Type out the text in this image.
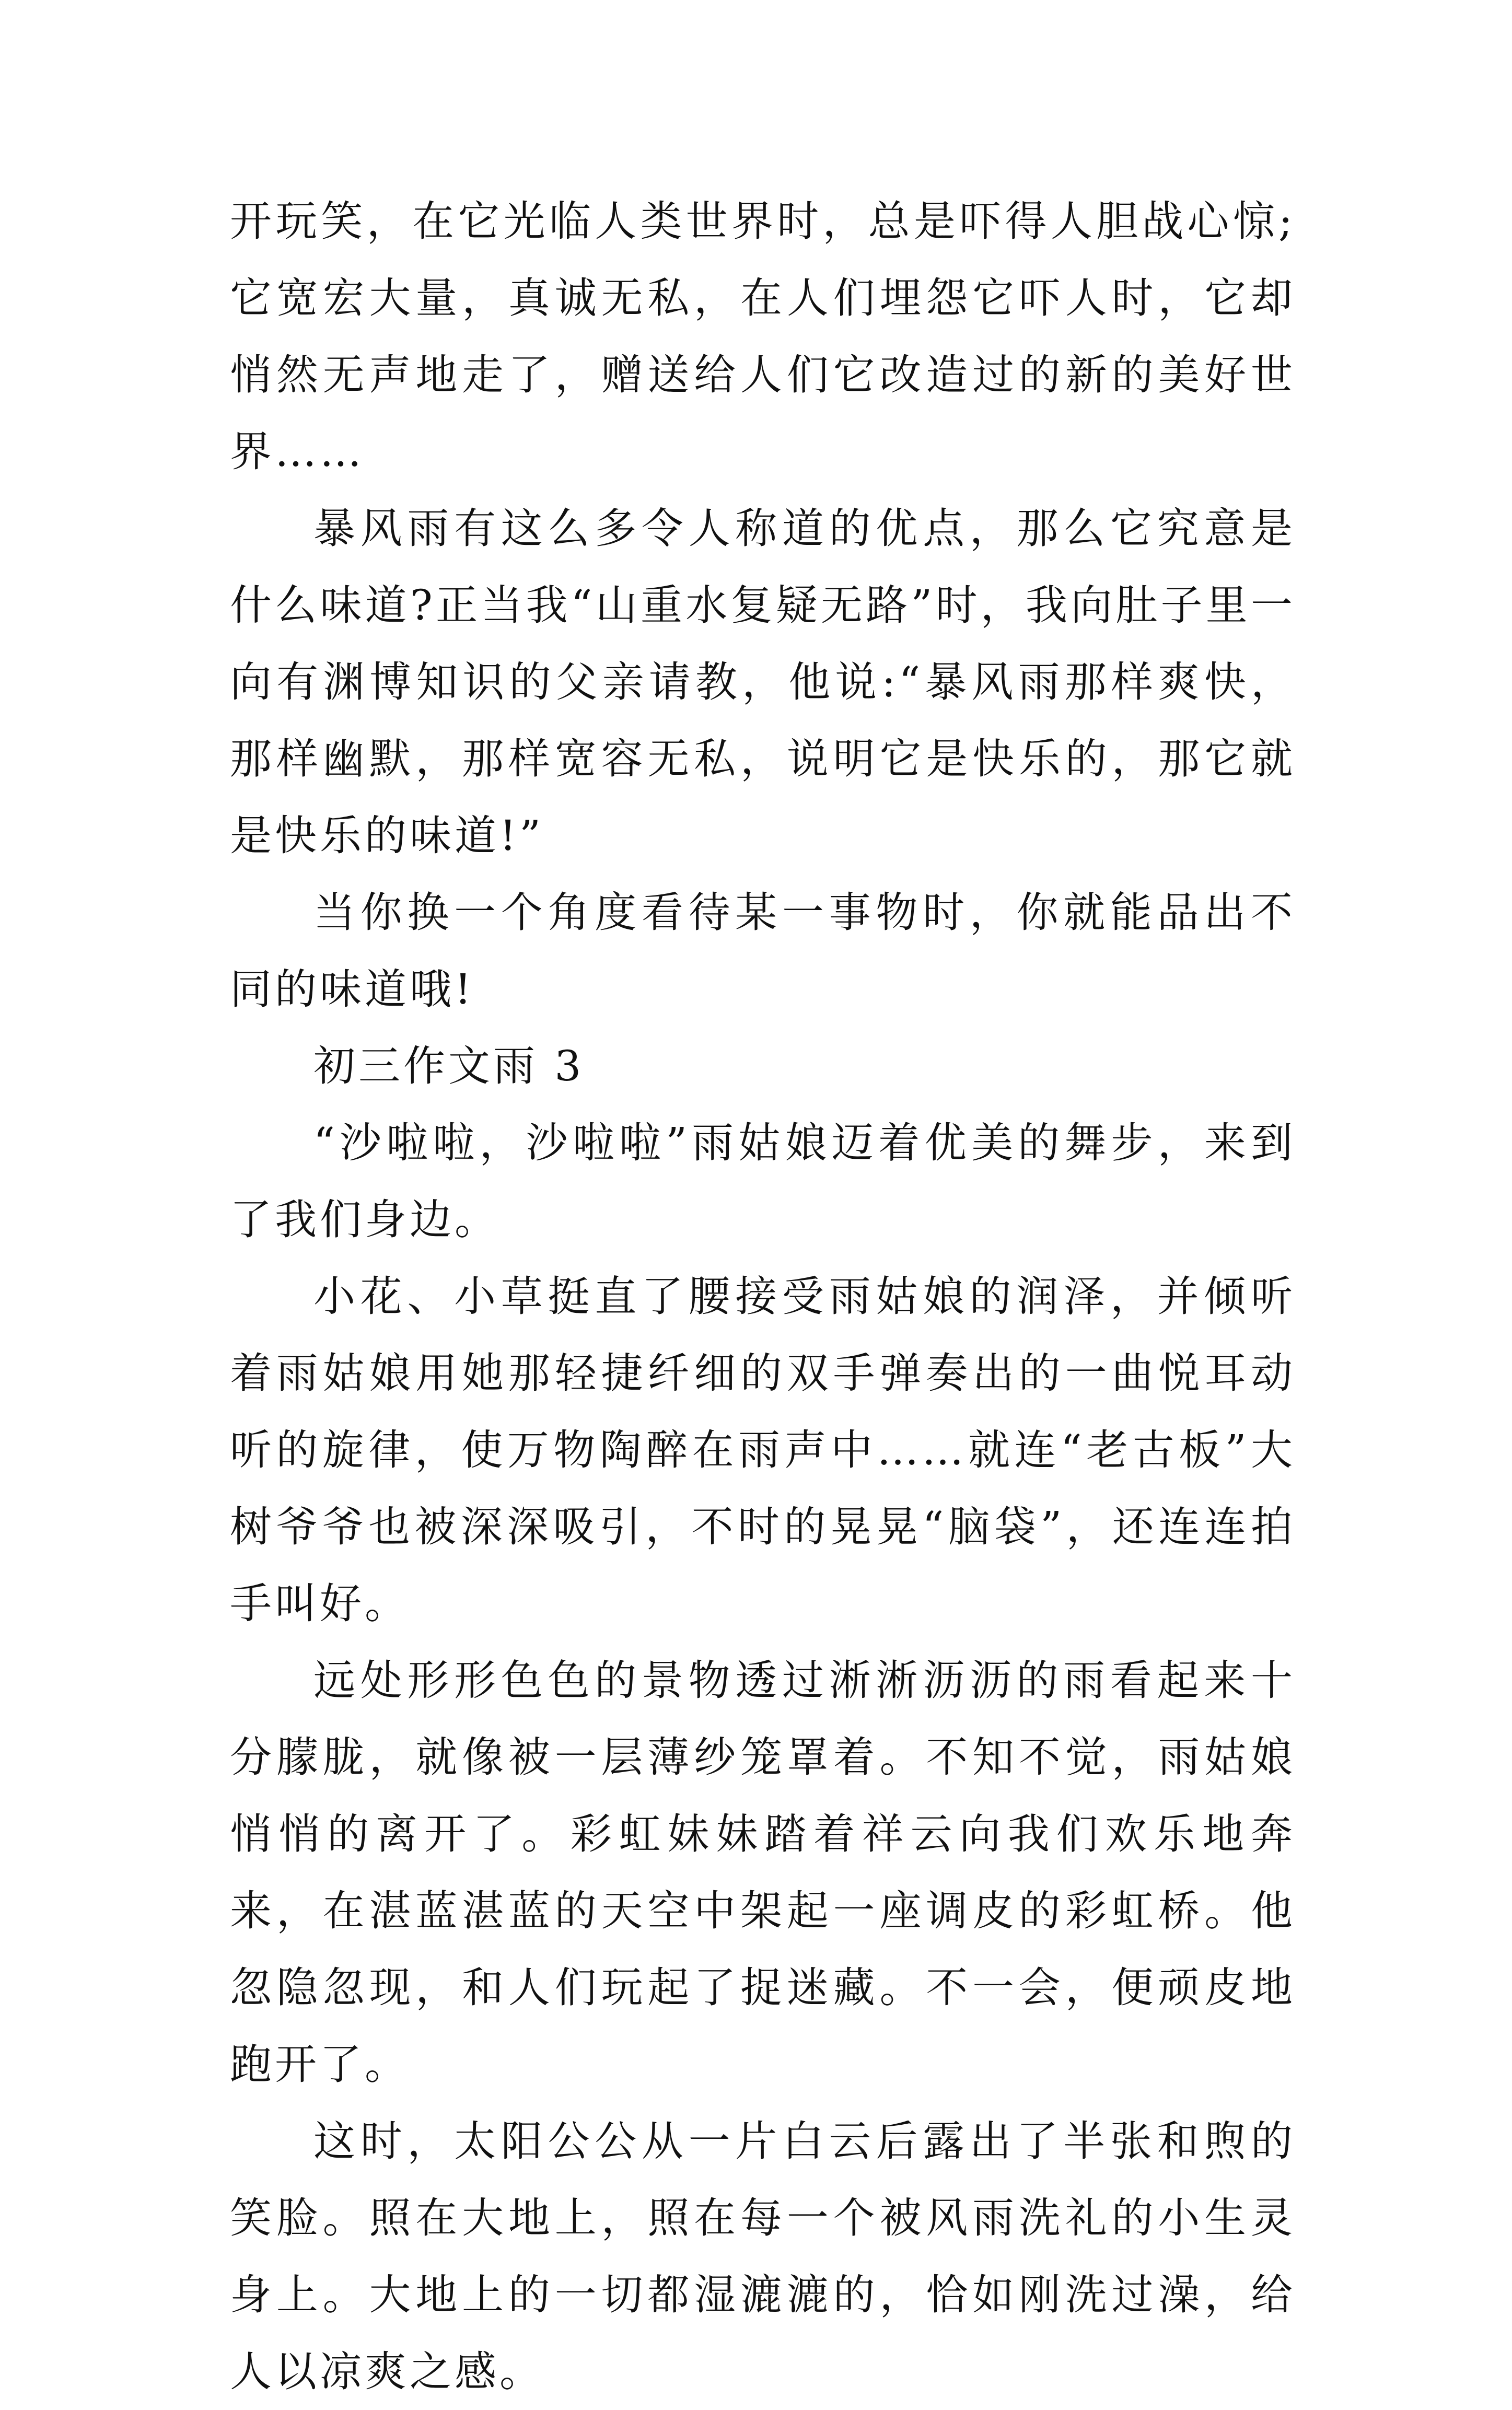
开玩笑，在它光临人类世界时，总是吓得人胆战心惊;它宽宏大量，真诚无私，在人们埋怨它吓人时，它却悄然无声地走了，赠送给人们它改造过的新的美好世界……

暴风雨有这么多令人称道的优点，那么它究意是什么味道?正当我“山重水复疑无路”时，我向肚子里一向有渊博知识的父亲请教，他说:“暴风雨那样爽快，那样幽默，那样宽容无私，说明它是快乐的，那它就是快乐的味道!”

当你换一个角度看待某一事物时，你就能品出不同的味道哦!

初三作文雨 3

“沙啦啦，沙啦啦”雨姑娘迈着优美的舞步，来到了我们身边。

小花、小草挺直了腰接受雨姑娘的润泽，并倾听着雨姑娘用她那轻捷纤细的双手弹奏出的一曲悦耳动听的旋律，使万物陶醉在雨声中……就连“老古板”大树爷爷也被深深吸引，不时的晃晃“脑袋”，还连连拍手叫好。

远处形形色色的景物透过淅淅沥沥的雨看起来十分朦胧，就像被一层薄纱笼罩着。不知不觉，雨姑娘悄悄的离开了。彩虹妹妹踏着祥云向我们欢乐地奔来，在湛蓝湛蓝的天空中架起一座调皮的彩虹桥。他忽隐忽现，和人们玩起了捉迷藏。不一会，便顽皮地跑开了。

这时，太阳公公从一片白云后露出了半张和煦的笑脸。照在大地上，照在每一个被风雨洗礼的小生灵身上。大地上的一切都湿漉漉的，恰如刚洗过澡，给人以凉爽之感。
